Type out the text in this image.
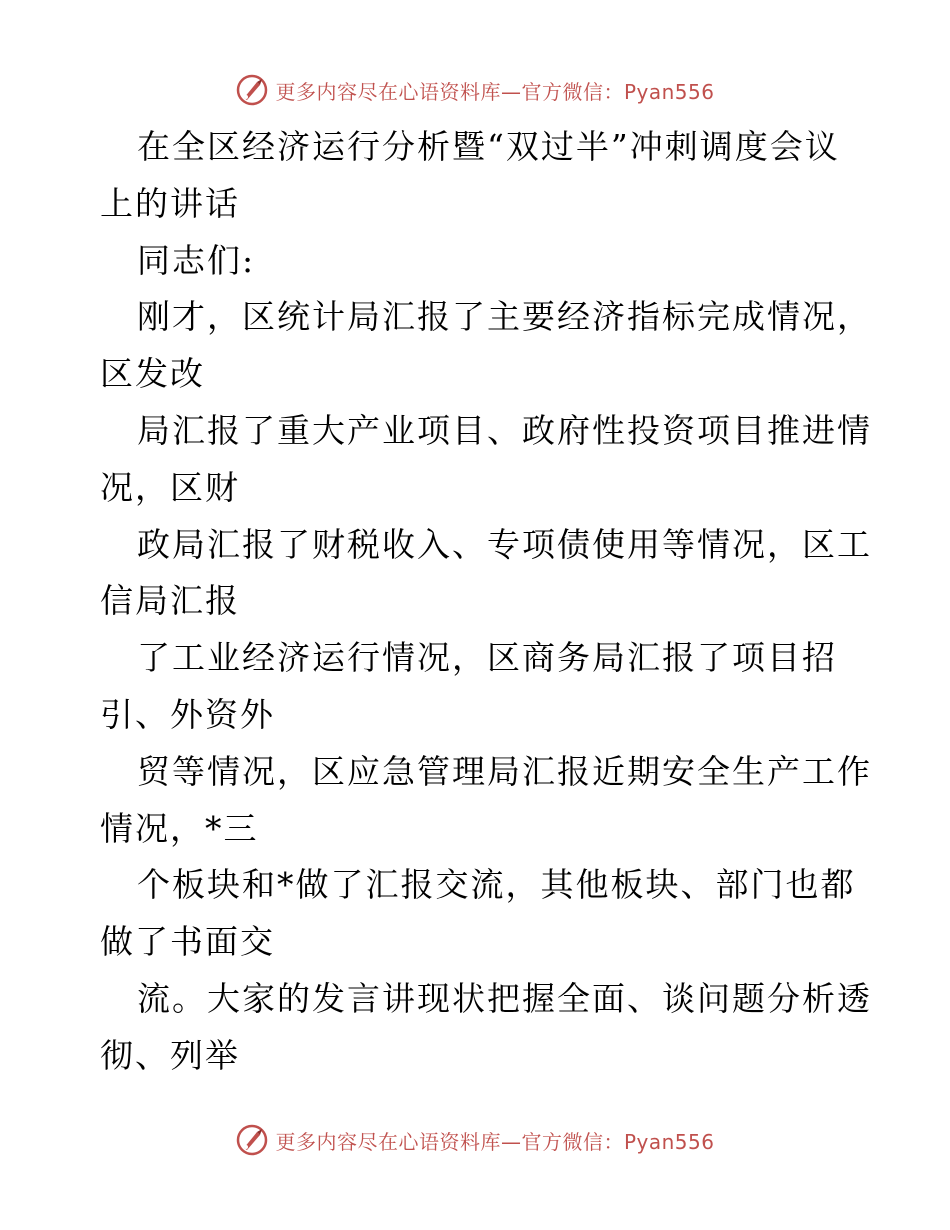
更多内容尽在心语资料库—官方微信：Pyan556
在全区经济运行分析暨“双过半”冲刺调度会议
上的讲话
同志们:
刚才，区统计局汇报了主要经济指标完成情况，
区发改
局汇报了重大产业项目、政府性投资项目推进情
况，区财
政局汇报了财税收入、专项债使用等情况，区工
信局汇报
了工业经济运行情况，区商务局汇报了项目招
引、外资外
贸等情况，区应急管理局汇报近期安全生产工作
情况，*三
个板块和*做了汇报交流，其他板块、部门也都
做了书面交
流。大家的发言讲现状把握全面、谈问题分析透
彻、列举
更多内容尽在心语资料库—官方微信：Pyan556
